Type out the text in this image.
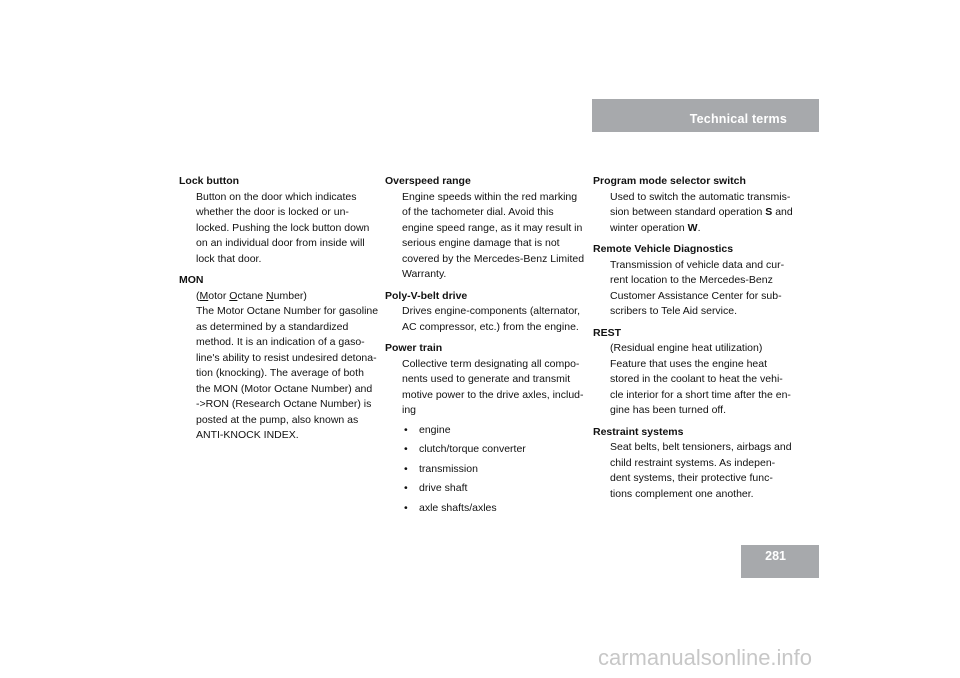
Technical terms
Lock button

Button on the door which indicates

whether the door is locked or un-

locked. Pushing the lock button down

on an individual door from inside will

lock that door.

MON

(Motor Octane Number)

The Motor Octane Number for gasoline

as determined by a standardized

method. It is an indication of a gaso-

line's ability to resist undesired detona-

tion (knocking). The average of both

the MON (Motor Octane Number) and

->RON (Research Octane Number) is

posted at the pump, also known as

ANTI-KNOCK INDEX.

Overspeed range

Engine speeds within the red marking

of the tachometer dial. Avoid this

engine speed range, as it may result in

serious engine damage that is not

covered by the Mercedes-Benz Limited

Warranty.

Poly-V-belt drive

Drives engine-components (alternator,

AC compressor, etc.) from the engine.

Power train

Collective term designating all compo-

nents used to generate and transmit

motive power to the drive axles, includ-

ing

• engine
• clutch/torque converter
• transmission
• drive shaft
• axle shafts/axles
Program mode selector switch

Used to switch the automatic transmis-

sion between standard operation S and

winter operation W.

Remote Vehicle Diagnostics

Transmission of vehicle data and cur-

rent location to the Mercedes-Benz

Customer Assistance Center for sub-

scribers to Tele Aid service.

REST

(Residual engine heat utilization)

Feature that uses the engine heat

stored in the coolant to heat the vehi-

cle interior for a short time after the en-

gine has been turned off.

Restraint systems

Seat belts, belt tensioners, airbags and

child restraint systems. As indepen-

dent systems, their protective func-

tions complement one another.

281
carmanualsonline.info
